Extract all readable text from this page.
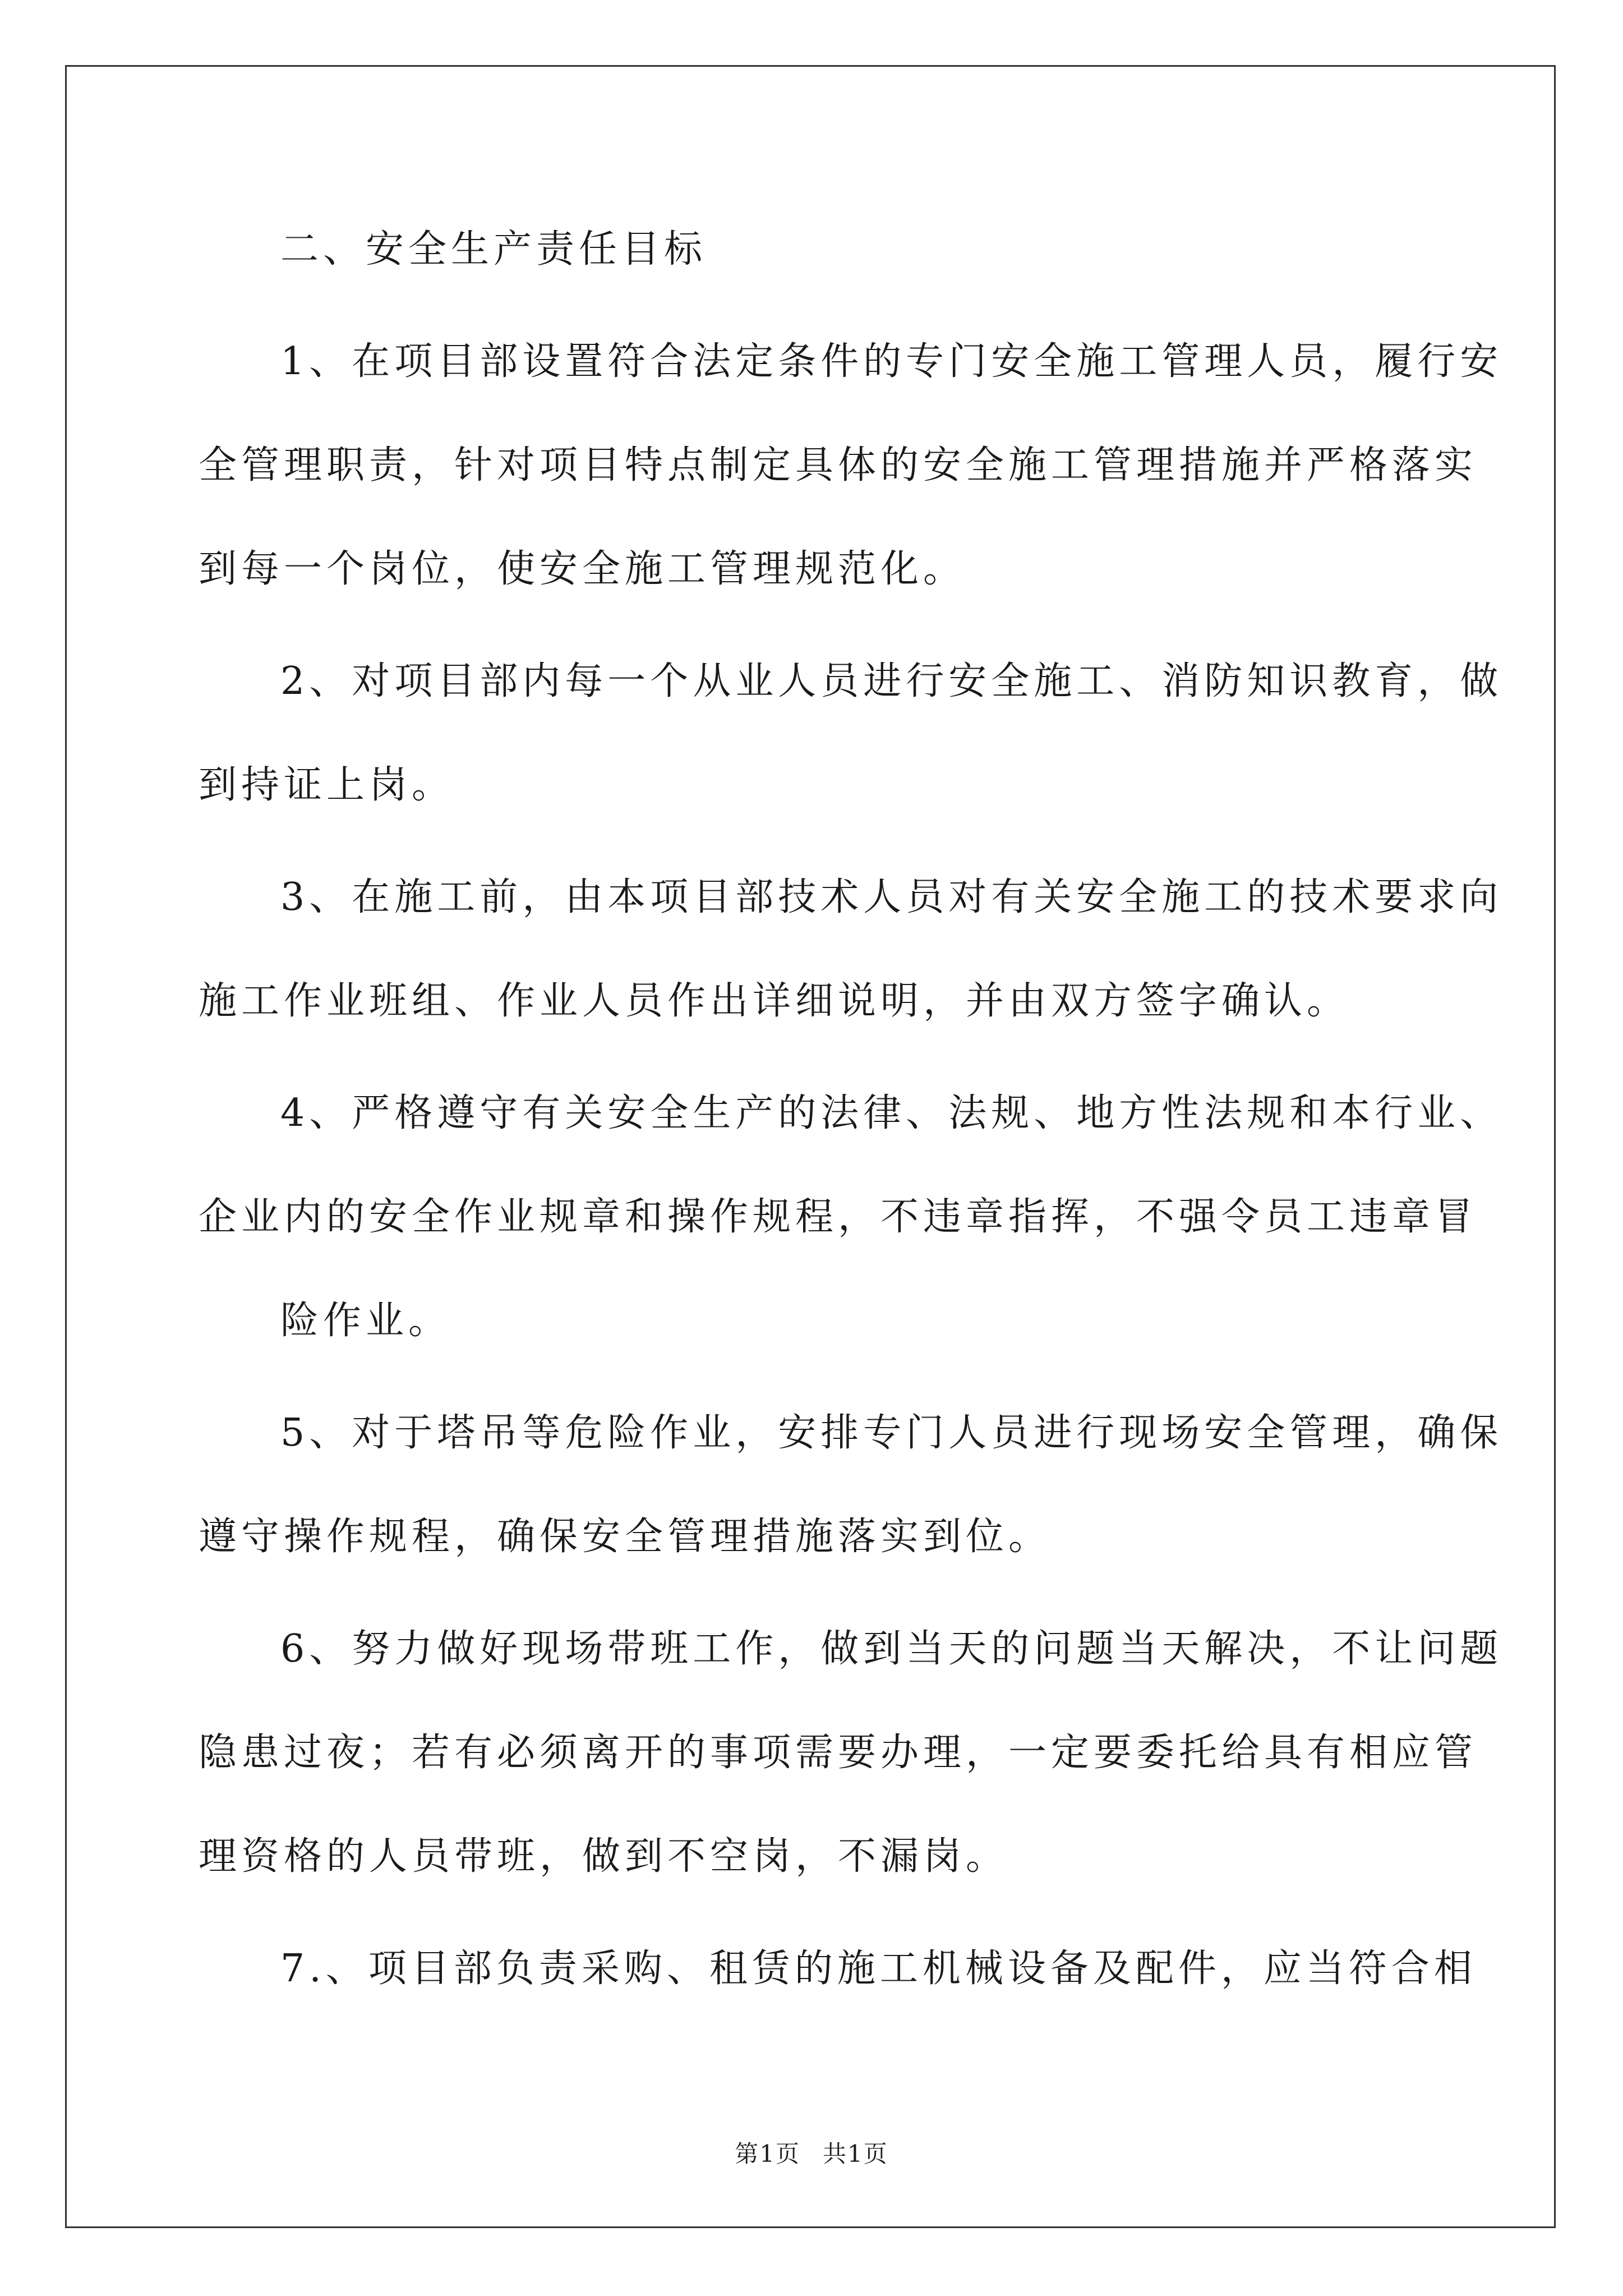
二、安全生产责任目标
1、在项目部设置符合法定条件的专门安全施工管理人员，履行安
全管理职责，针对项目特点制定具体的安全施工管理措施并严格落实
到每一个岗位，使安全施工管理规范化。
2、对项目部内每一个从业人员进行安全施工、消防知识教育，做
到持证上岗。
3、在施工前，由本项目部技术人员对有关安全施工的技术要求向
施工作业班组、作业人员作出详细说明，并由双方签字确认。
4、严格遵守有关安全生产的法律、法规、地方性法规和本行业、
企业内的安全作业规章和操作规程，不违章指挥，不强令员工违章冒
险作业。
5、对于塔吊等危险作业，安排专门人员进行现场安全管理，确保
遵守操作规程，确保安全管理措施落实到位。
6、努力做好现场带班工作，做到当天的问题当天解决，不让问题
隐患过夜；若有必须离开的事项需要办理，一定要委托给具有相应管
理资格的人员带班，做到不空岗，不漏岗。
7.、项目部负责采购、租赁的施工机械设备及配件，应当符合相
第1页 共1页
